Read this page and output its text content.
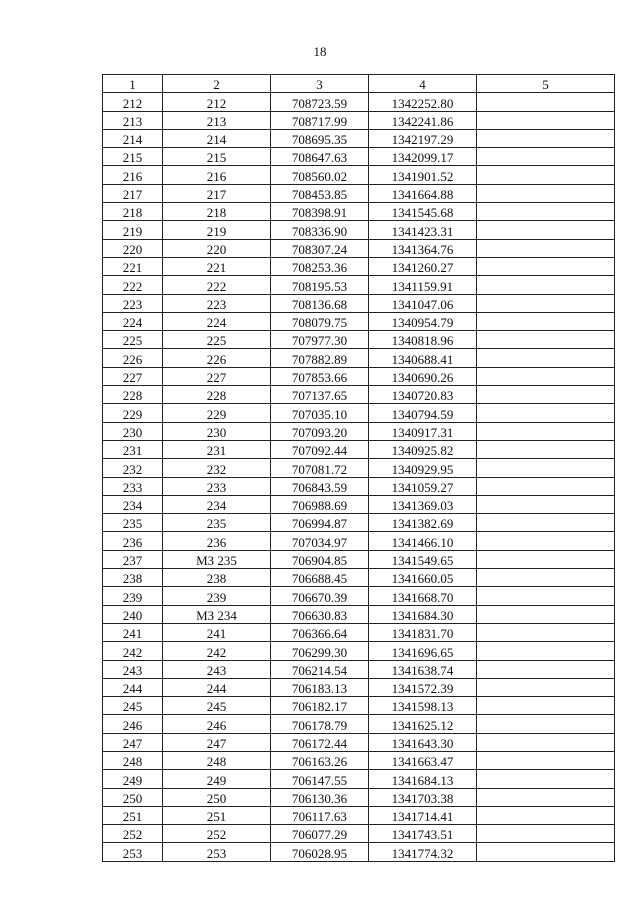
18
1	2	3	4	5
212	212	708723.59	1342252.80	
213	213	708717.99	1342241.86	
214	214	708695.35	1342197.29	
215	215	708647.63	1342099.17	
216	216	708560.02	1341901.52	
217	217	708453.85	1341664.88	
218	218	708398.91	1341545.68	
219	219	708336.90	1341423.31	
220	220	708307.24	1341364.76	
221	221	708253.36	1341260.27	
222	222	708195.53	1341159.91	
223	223	708136.68	1341047.06	
224	224	708079.75	1340954.79	
225	225	707977.30	1340818.96	
226	226	707882.89	1340688.41	
227	227	707853.66	1340690.26	
228	228	707137.65	1340720.83	
229	229	707035.10	1340794.59	
230	230	707093.20	1340917.31	
231	231	707092.44	1340925.82	
232	232	707081.72	1340929.95	
233	233	706843.59	1341059.27	
234	234	706988.69	1341369.03	
235	235	706994.87	1341382.69	
236	236	707034.97	1341466.10	
237	МЗ 235	706904.85	1341549.65	
238	238	706688.45	1341660.05	
239	239	706670.39	1341668.70	
240	МЗ 234	706630.83	1341684.30	
241	241	706366.64	1341831.70	
242	242	706299.30	1341696.65	
243	243	706214.54	1341638.74	
244	244	706183.13	1341572.39	
245	245	706182.17	1341598.13	
246	246	706178.79	1341625.12	
247	247	706172.44	1341643.30	
248	248	706163.26	1341663.47	
249	249	706147.55	1341684.13	
250	250	706130.36	1341703.38	
251	251	706117.63	1341714.41	
252	252	706077.29	1341743.51	
253	253	706028.95	1341774.32	
